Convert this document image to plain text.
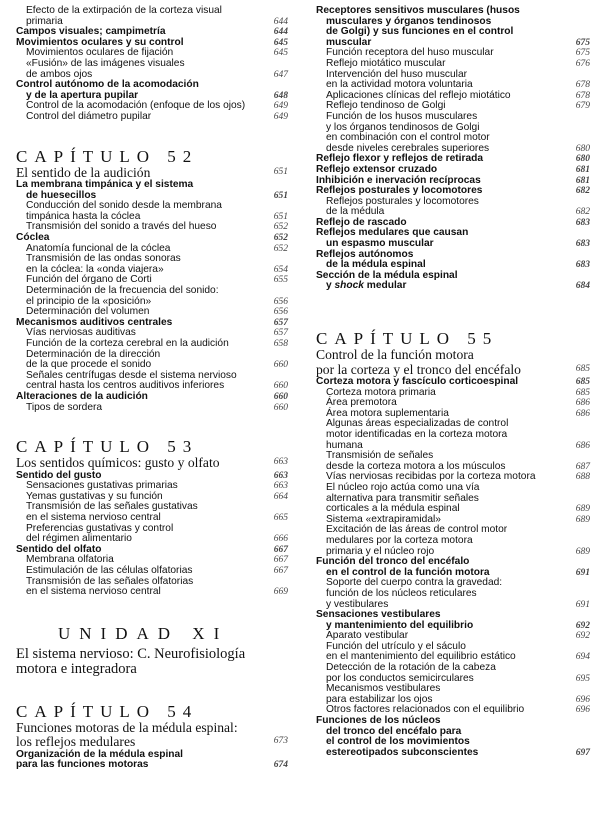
Efecto de la extirpación de la corteza visual
primaria	644
Campos visuales; campimetría	644
Movimientos oculares y su control	645
Movimientos oculares de fijación	645
«Fusión» de las imágenes visuales
de ambos ojos	647
Control autónomo de la acomodación
y de la apertura pupilar	648
Control de la acomodación (enfoque de los ojos)	649
Control del diámetro pupilar	649
CAPÍTULO 52
El sentido de la audición	651
La membrana timpánica y el sistema
de huesecillos	651
Conducción del sonido desde la membrana
timpánica hasta la cóclea	651
Transmisión del sonido a través del hueso	652
Cóclea	652
Anatomía funcional de la cóclea	652
Transmisión de las ondas sonoras
en la cóclea: la «onda viajera»	654
Función del órgano de Corti	655
Determinación de la frecuencia del sonido:
el principio de la «posición»	656
Determinación del volumen	656
Mecanismos auditivos centrales	657
Vías nerviosas auditivas	657
Función de la corteza cerebral en la audición	658
Determinación de la dirección
de la que procede el sonido	660
Señales centrífugas desde el sistema nervioso
central hasta los centros auditivos inferiores	660
Alteraciones de la audición	660
Tipos de sordera	660
CAPÍTULO 53
Los sentidos químicos: gusto y olfato	663
Sentido del gusto	663
Sensaciones gustativas primarias	663
Yemas gustativas y su función	664
Transmisión de las señales gustativas
en el sistema nervioso central	665
Preferencias gustativas y control
del régimen alimentario	666
Sentido del olfato	667
Membrana olfatoria	667
Estimulación de las células olfatorias	667
Transmisión de las señales olfatorias
en el sistema nervioso central	669
UNIDAD XI
El sistema nervioso: C. Neurofisiología motora e integradora
CAPÍTULO 54
Funciones motoras de la médula espinal:
los reflejos medulares	673
Organización de la médula espinal
para las funciones motoras	674
Receptores sensitivos musculares (husos
musculares y órganos tendinosos
de Golgi) y sus funciones en el control
muscular	675
Función receptora del huso muscular	675
Reflejo miotático muscular	676
Intervención del huso muscular
en la actividad motora voluntaria	678
Aplicaciones clínicas del reflejo miotático	678
Reflejo tendinoso de Golgi	679
Función de los husos musculares
y los órganos tendinosos de Golgi
en combinación con el control motor
desde niveles cerebrales superiores	680
Reflejo flexor y reflejos de retirada	680
Reflejo extensor cruzado	681
Inhibición e inervación recíprocas	681
Reflejos posturales y locomotores	682
Reflejos posturales y locomotores
de la médula	682
Reflejo de rascado	683
Reflejos medulares que causan
un espasmo muscular	683
Reflejos autónomos
de la médula espinal	683
Sección de la médula espinal
y shock medular	684
CAPÍTULO 55
Control de la función motora
por la corteza y el tronco del encéfalo	685
Corteza motora y fascículo corticoespinal	685
Corteza motora primaria	685
Área premotora	686
Área motora suplementaria	686
Algunas áreas especializadas de control
motor identificadas en la corteza motora
humana	686
Transmisión de señales
desde la corteza motora a los músculos	687
Vías nerviosas recibidas por la corteza motora	688
El núcleo rojo actúa como una vía
alternativa para transmitir señales
corticales a la médula espinal	689
Sistema «extrapiramidal»	689
Excitación de las áreas de control motor
medulares por la corteza motora
primaria y el núcleo rojo	689
Función del tronco del encéfalo
en el control de la función motora	691
Soporte del cuerpo contra la gravedad:
función de los núcleos reticulares
y vestibulares	691
Sensaciones vestibulares
y mantenimiento del equilibrio	692
Aparato vestibular	692
Función del utrículo y el sáculo
en el mantenimiento del equilibrio estático	694
Detección de la rotación de la cabeza
por los conductos semicirculares	695
Mecanismos vestibulares
para estabilizar los ojos	696
Otros factores relacionados con el equilibrio	696
Funciones de los núcleos
del tronco del encéfalo para
el control de los movimientos
estereotipados subconscientes	697
